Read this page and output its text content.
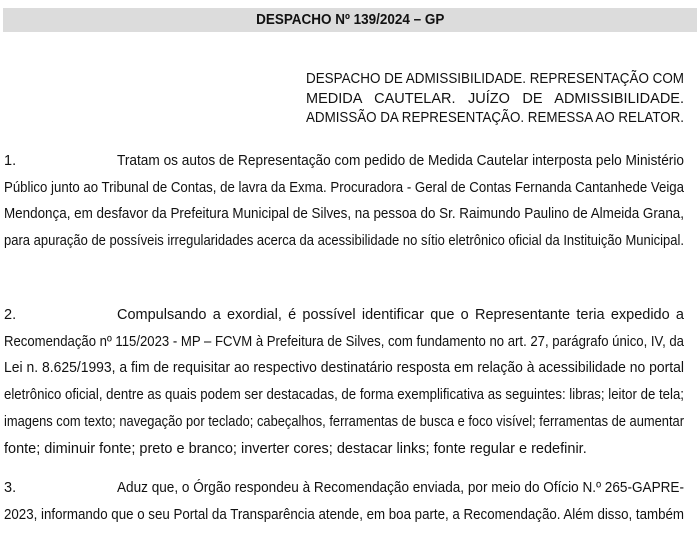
DESPACHO Nº 139/2024 – GP
DESPACHO DE ADMISSIBILIDADE. REPRESENTAÇÃO COM
MEDIDA CAUTELAR. JUÍZO DE ADMISSIBILIDADE.
ADMISSÃO DA REPRESENTAÇÃO. REMESSA AO RELATOR.
1.	Tratam os autos de Representação com pedido de Medida Cautelar interposta pelo Ministério
Público junto ao Tribunal de Contas, de lavra da Exma. Procuradora - Geral de Contas Fernanda Cantanhede Veiga
Mendonça, em desfavor da Prefeitura Municipal de Silves, na pessoa do Sr. Raimundo Paulino de Almeida Grana,
para apuração de possíveis irregularidades acerca da acessibilidade no sítio eletrônico oficial da Instituição Municipal.
2.	Compulsando a exordial, é possível identificar que o Representante teria expedido a
Recomendação nº 115/2023 - MP – FCVM à Prefeitura de Silves, com fundamento no art. 27, parágrafo único, IV, da
Lei n. 8.625/1993, a fim de requisitar ao respectivo destinatário resposta em relação à acessibilidade no portal
eletrônico oficial, dentre as quais podem ser destacadas, de forma exemplificativa as seguintes: libras; leitor de tela;
imagens com texto; navegação por teclado; cabeçalhos, ferramentas de busca e foco visível; ferramentas de aumentar
fonte; diminuir fonte; preto e branco; inverter cores; destacar links; fonte regular e redefinir.
3.	Aduz que, o Órgão respondeu à Recomendação enviada, por meio do Ofício N.º 265-GAPRE-
2023, informando que o seu Portal da Transparência atende, em boa parte, a Recomendação. Além disso, também
